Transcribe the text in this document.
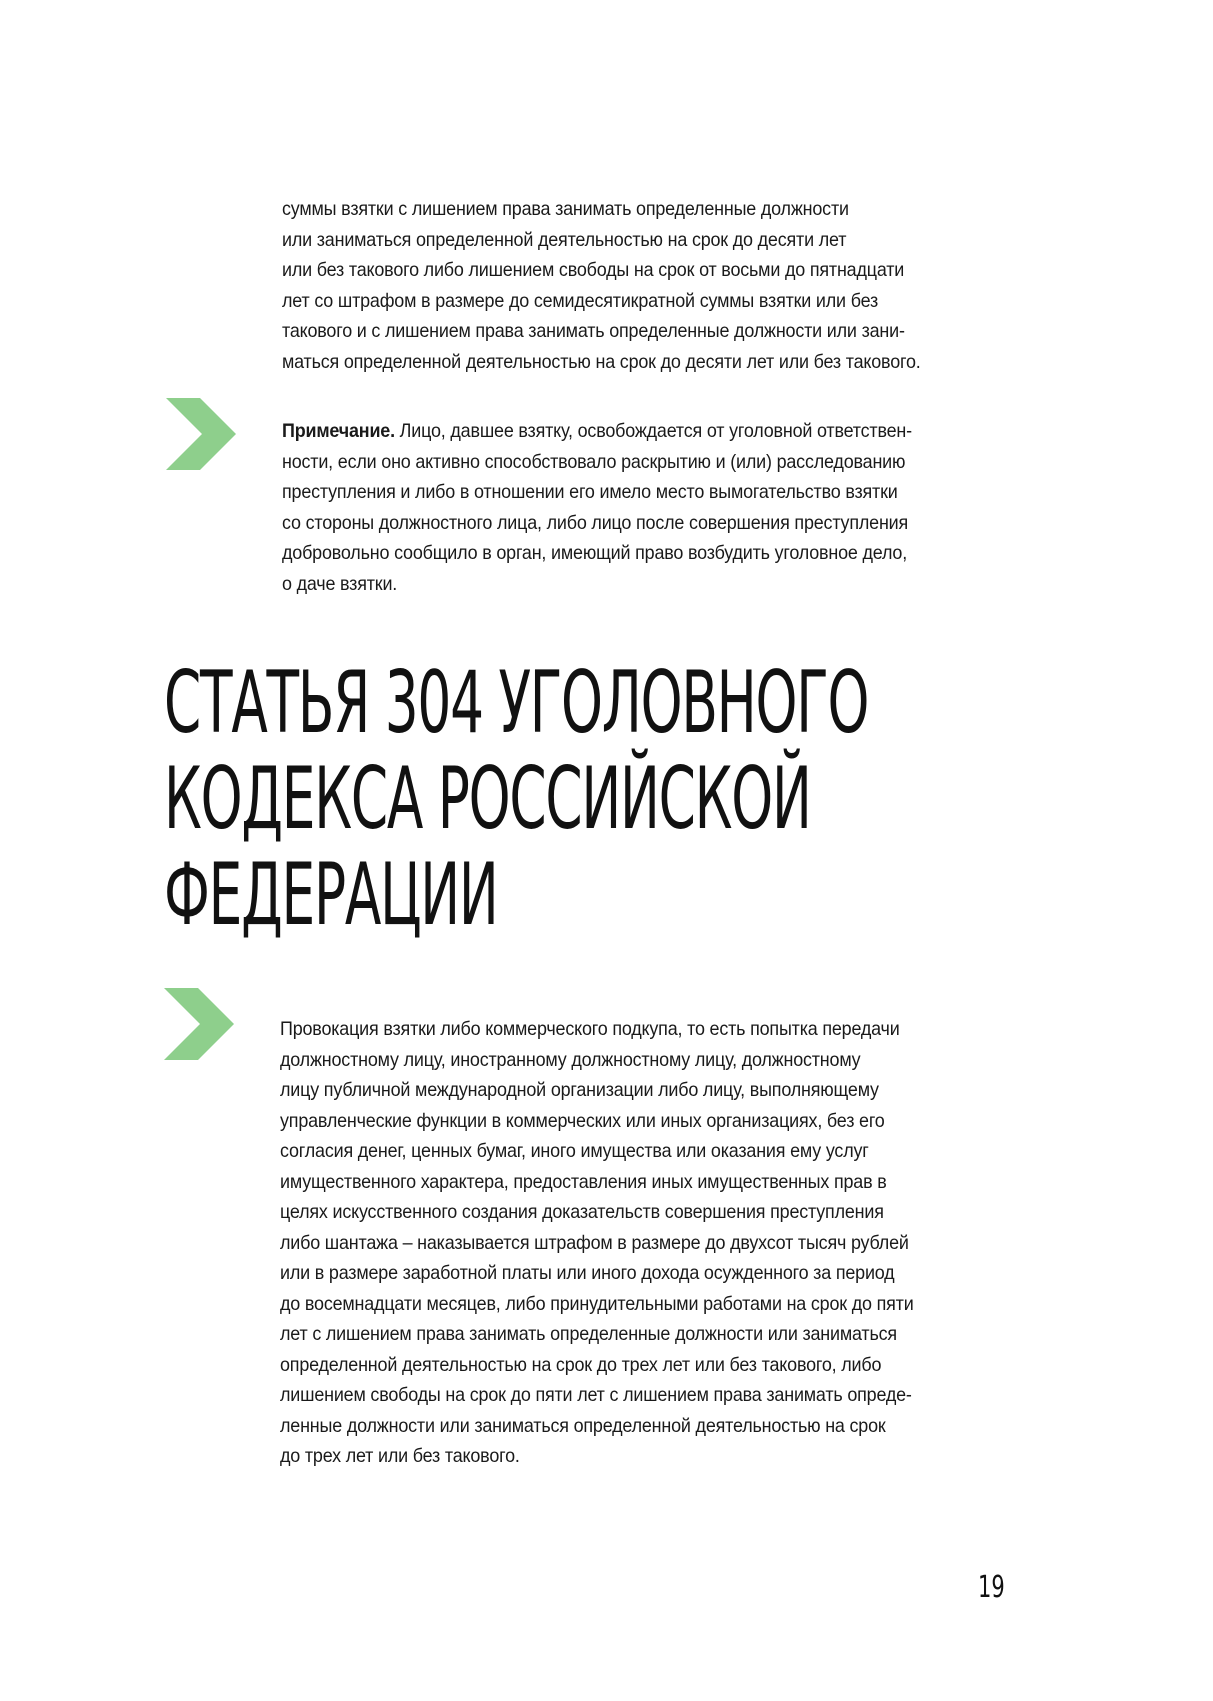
суммы взятки с лишением права занимать определенные должности
или заниматься определенной деятельностью на срок до десяти лет
или без такового либо лишением свободы на срок от восьми до пятнадцати
лет со штрафом в размере до семидесятикратной суммы взятки или без
такового и с лишением права занимать определенные должности или зани-
маться определенной деятельностью на срок до десяти лет или без такового.
Примечание. Лицо, давшее взятку, освобождается от уголовной ответствен-
ности, если оно активно способствовало раскрытию и (или) расследованию
преступления и либо в отношении его имело место вымогательство взятки
со стороны должностного лица, либо лицо после совершения преступления
добровольно сообщило в орган, имеющий право возбудить уголовное дело,
о даче взятки.
СТАТЬЯ 304 УГОЛОВНОГО
КОДЕКСА РОССИЙСКОЙ
ФЕДЕРАЦИИ
Провокация взятки либо коммерческого подкупа, то есть попытка передачи
должностному лицу, иностранному должностному лицу, должностному
лицу публичной международной организации либо лицу, выполняющему
управленческие функции в коммерческих или иных организациях, без его
согласия денег, ценных бумаг, иного имущества или оказания ему услуг
имущественного характера, предоставления иных имущественных прав в
целях искусственного создания доказательств совершения преступления
либо шантажа – наказывается штрафом в размере до двухсот тысяч рублей
или в размере заработной платы или иного дохода осужденного за период
до восемнадцати месяцев, либо принудительными работами на срок до пяти
лет с лишением права занимать определенные должности или заниматься
определенной деятельностью на срок до трех лет или без такового, либо
лишением свободы на срок до пяти лет с лишением права занимать опреде-
ленные должности или заниматься определенной деятельностью на срок
до трех лет или без такового.
19
